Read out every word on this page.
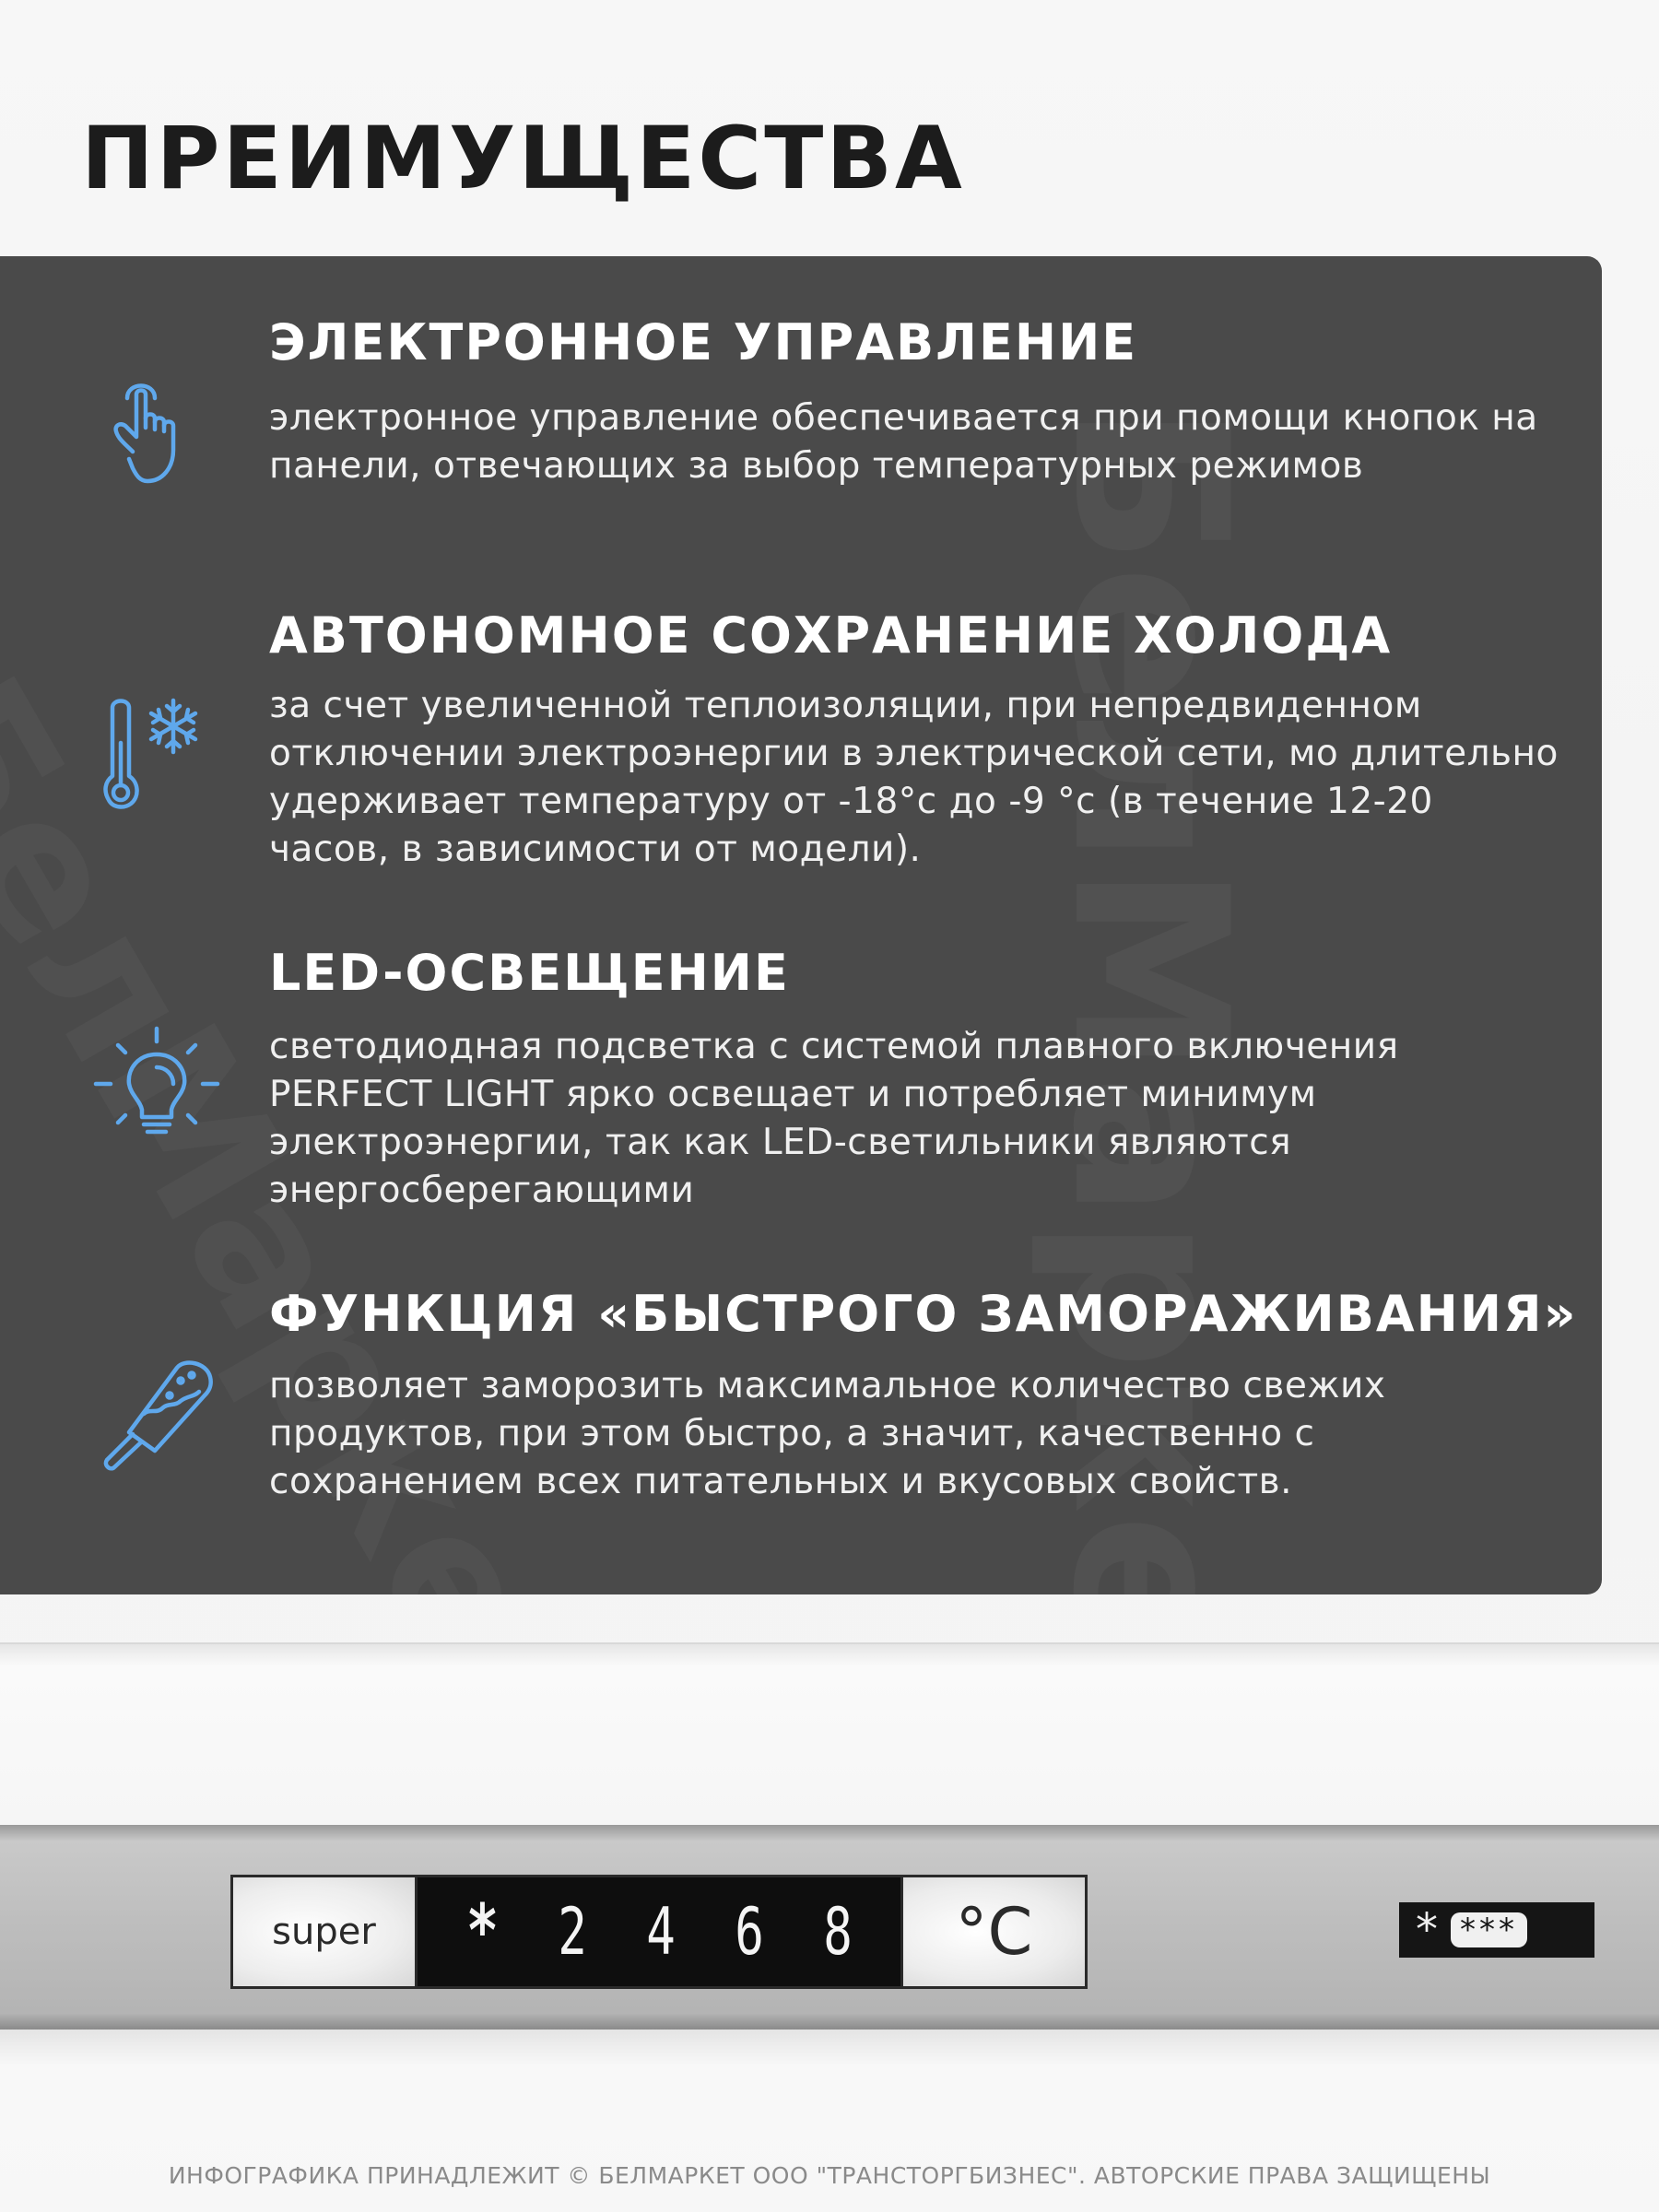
ПРЕИМУЩЕСТВА
ЭЛЕКТРОННОЕ УПРАВЛЕНИЕ
электронное управление обеспечивается при помощи кнопок на панели, отвечающих за выбор температурных режимов
АВТОНОМНОЕ СОХРАНЕНИЕ ХОЛОДА
за счет увеличенной теплоизоляции, при непредвиденном отключении электроэнергии в электрической сети, мо длительно удерживает температуру от -18°c до -9 °c (в течение 12-20 часов, в зависимости от модели).
LED-ОСВЕЩЕНИЕ
светодиодная подсветка с системой плавного включения PERFECT LIGHT ярко освещает и потребляет минимум электроэнергии, так как LED-светильники являются энергосберегающими
ФУНКЦИЯ «БЫСТРОГО ЗАМОРАЖИВАНИЯ»
позволяет заморозить максимальное количество свежих продуктов, при этом быстро, а значит, качественно с сохранением всех питательных и вкусовых свойств.
super	* 2 4 6 8	°C	* ***
ИНФОГРАФИКА ПРИНАДЛЕЖИТ © БЕЛМАРКЕТ ООО "ТРАНСТОРГБИЗНЕС". АВТОРСКИЕ ПРАВА ЗАЩИЩЕНЫ
